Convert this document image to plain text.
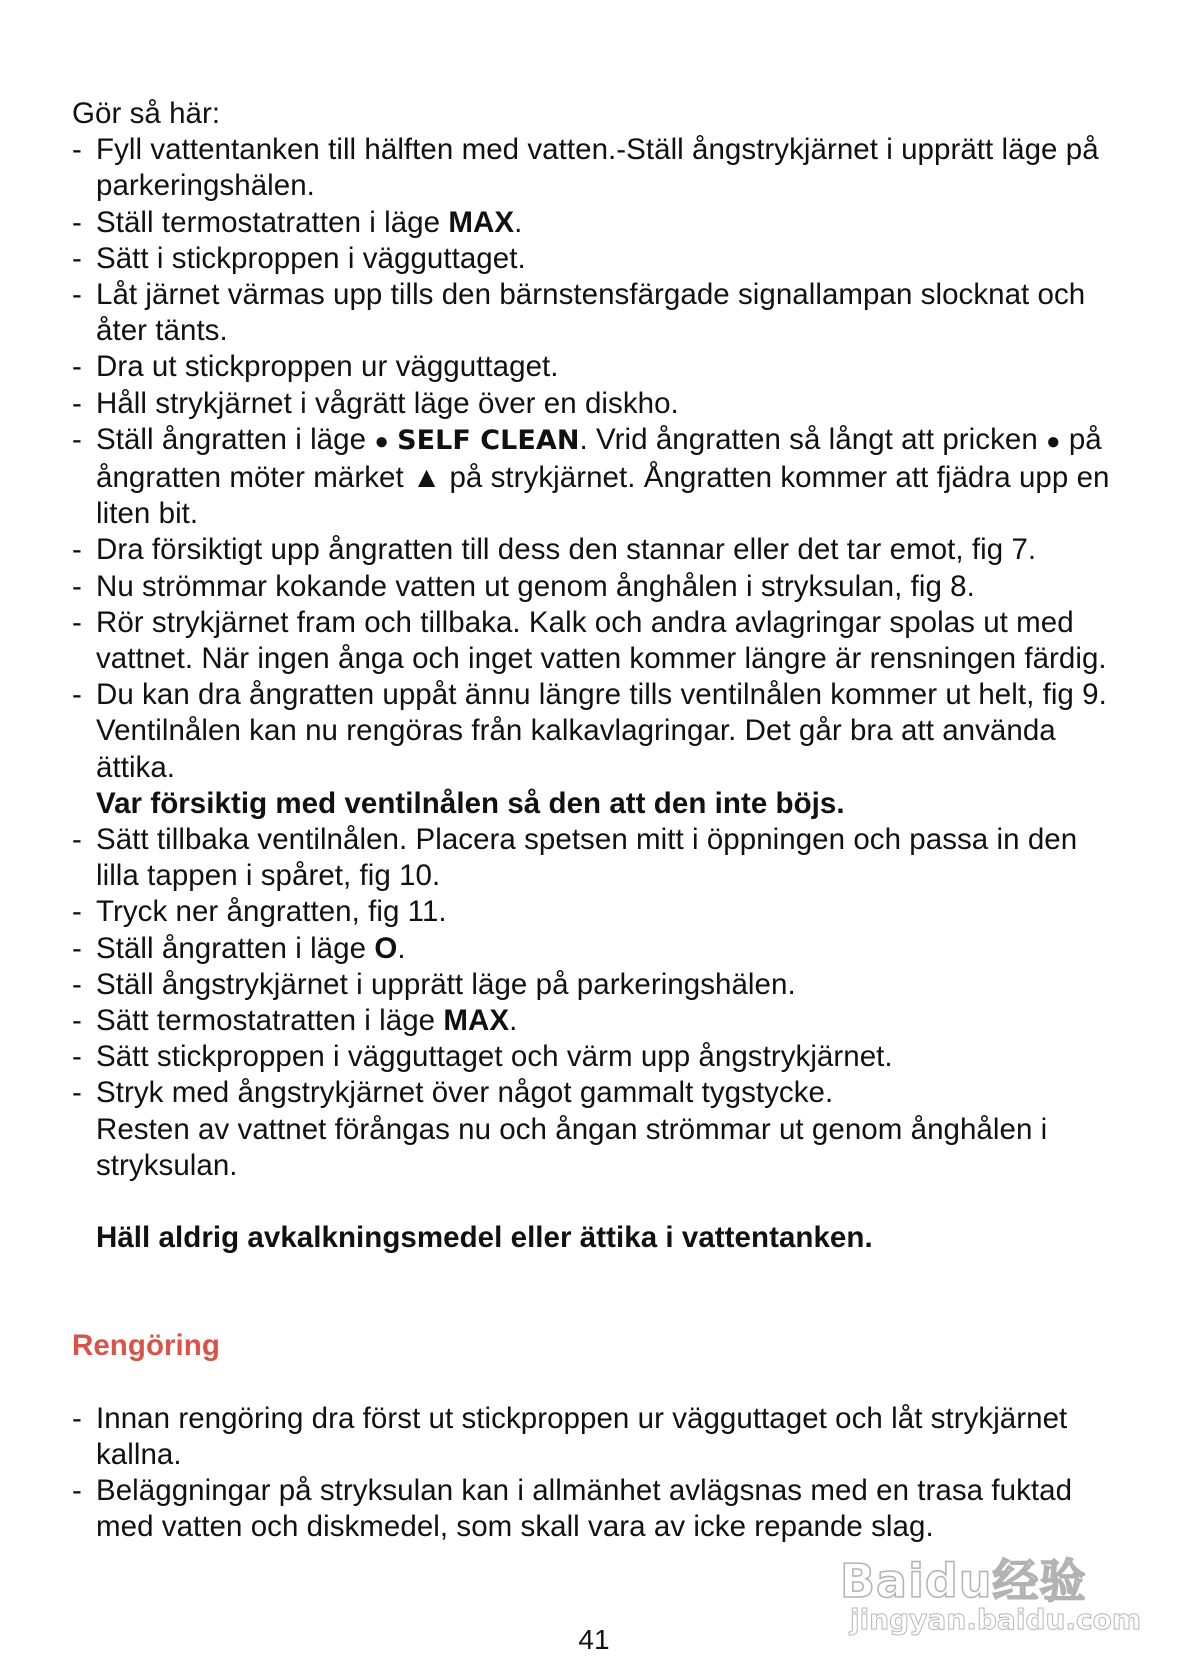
Gör så här:

- Fyll vattentanken till hälften med vatten.-Ställ ångstrykjärnet i upprätt läge på parkeringshälen.
- Ställ termostatratten i läge MAX.
- Sätt i stickproppen i vägguttaget.
- Låt järnet värmas upp tills den bärnstensfärgade signallampan slocknat och åter tänts.
- Dra ut stickproppen ur vägguttaget.
- Håll strykjärnet i vågrätt läge över en diskho.
- Ställ ångratten i läge ● SELF CLEAN. Vrid ångratten så långt att pricken ● på ångratten möter märket ▲ på strykjärnet. Ångratten kommer att fjädra upp en liten bit.
- Dra försiktigt upp ångratten till dess den stannar eller det tar emot, fig 7.
- Nu strömmar kokande vatten ut genom ånghålen i stryksulan, fig 8.
- Rör strykjärnet fram och tillbaka. Kalk och andra avlagringar spolas ut med vattnet. När ingen ånga och inget vatten kommer längre är rensningen färdig.
- Du kan dra ångratten uppåt ännu längre tills ventilnålen kommer ut helt, fig 9. Ventilnålen kan nu rengöras från kalkavlagringar. Det går bra att använda ättika.
Var försiktig med ventilnålen så den att den inte böjs.
- Sätt tillbaka ventilnålen. Placera spetsen mitt i öppningen och passa in den lilla tappen i spåret, fig 10.
- Tryck ner ångratten, fig 11.
- Ställ ångratten i läge O.
- Ställ ångstrykjärnet i upprätt läge på parkeringshälen.
- Sätt termostatratten i läge MAX.
- Sätt stickproppen i vägguttaget och värm upp ångstrykjärnet.
- Stryk med ångstrykjärnet över något gammalt tygstycke.
Resten av vattnet förångas nu och ångan strömmar ut genom ånghålen i stryksulan.

Häll aldrig avkalkningsmedel eller ättika i vattentanken.

Rengöring
- Innan rengöring dra först ut stickproppen ur vägguttaget och låt strykjärnet kallna.
- Beläggningar på stryksulan kan i allmänhet avlägsnas med en trasa fuktad med vatten och diskmedel, som skall vara av icke repande slag.
41
Baidu经验
jingyan.baidu.com
